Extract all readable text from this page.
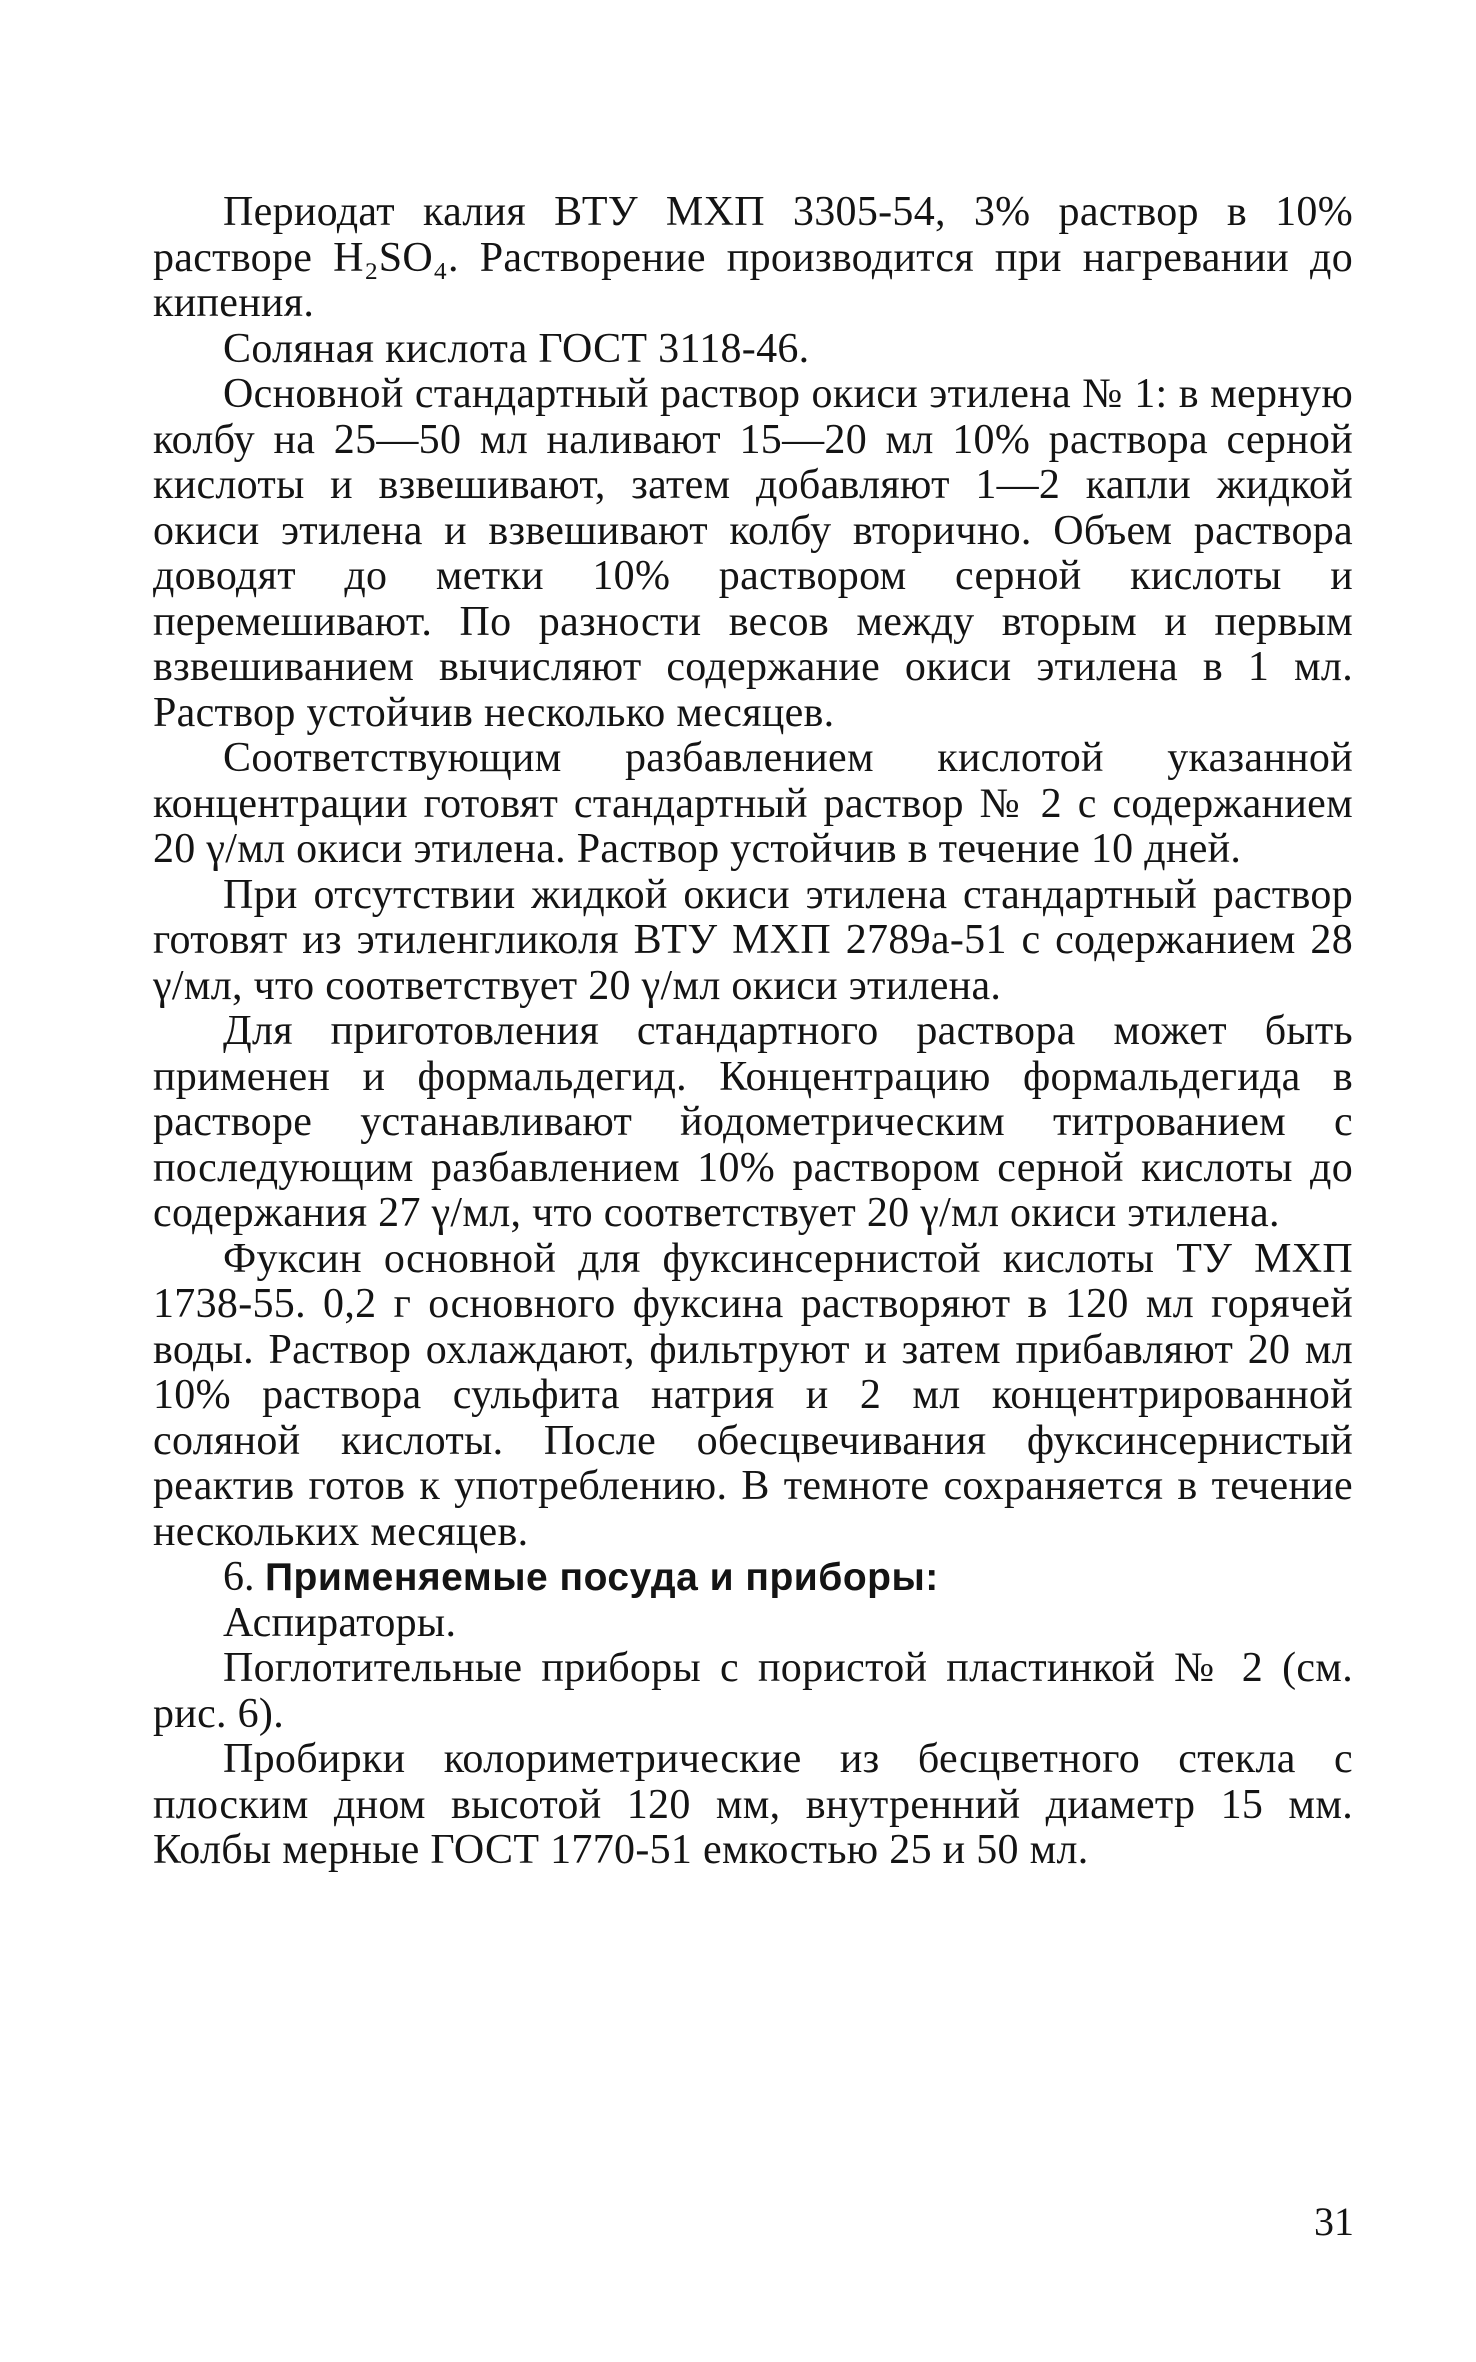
Периодат калия ВТУ МХП 3305-54, 3% раствор в 10% растворе H₂SO₄. Растворение производится при нагревании до кипения.

Соляная кислота ГОСТ 3118-46.

Основной стандартный раствор окиси этилена № 1: в мерную колбу на 25—50 мл наливают 15—20 мл 10% раствора серной кислоты и взвешивают, затем добавляют 1—2 капли жидкой окиси этилена и взвешивают колбу вторично. Объем раствора доводят до метки 10% раствором серной кислоты и перемешивают. По разности весов между вторым и первым взвешиванием вычисляют содержание окиси этилена в 1 мл. Раствор устойчив несколько месяцев.

Соответствующим разбавлением кислотой указанной концентрации готовят стандартный раствор № 2 с содержанием 20 γ/мл окиси этилена. Раствор устойчив в течение 10 дней.

При отсутствии жидкой окиси этилена стандартный раствор готовят из этиленгликоля ВТУ МХП 2789а-51 с содержанием 28 γ/мл, что соответствует 20 γ/мл окиси этилена.

Для приготовления стандартного раствора может быть применен и формальдегид. Концентрацию формальдегида в растворе устанавливают йодометрическим титрованием с последующим разбавлением 10% раствором серной кислоты до содержания 27 γ/мл, что соответствует 20 γ/мл окиси этилена.

Фуксин основной для фуксинсернистой кислоты ТУ МХП 1738-55. 0,2 г основного фуксина растворяют в 120 мл горячей воды. Раствор охлаждают, фильтруют и затем прибавляют 20 мл 10% раствора сульфита натрия и 2 мл концентрированной соляной кислоты. После обесцвечивания фуксинсернистый реактив готов к употреблению. В темноте сохраняется в течение нескольких месяцев.

6. Применяемые посуда и приборы:

Аспираторы.

Поглотительные приборы с пористой пластинкой № 2 (см. рис. 6).

Пробирки колориметрические из бесцветного стекла с плоским дном высотой 120 мм, внутренний диаметр 15 мм. Колбы мерные ГОСТ 1770-51 емкостью 25 и 50 мл.

31
